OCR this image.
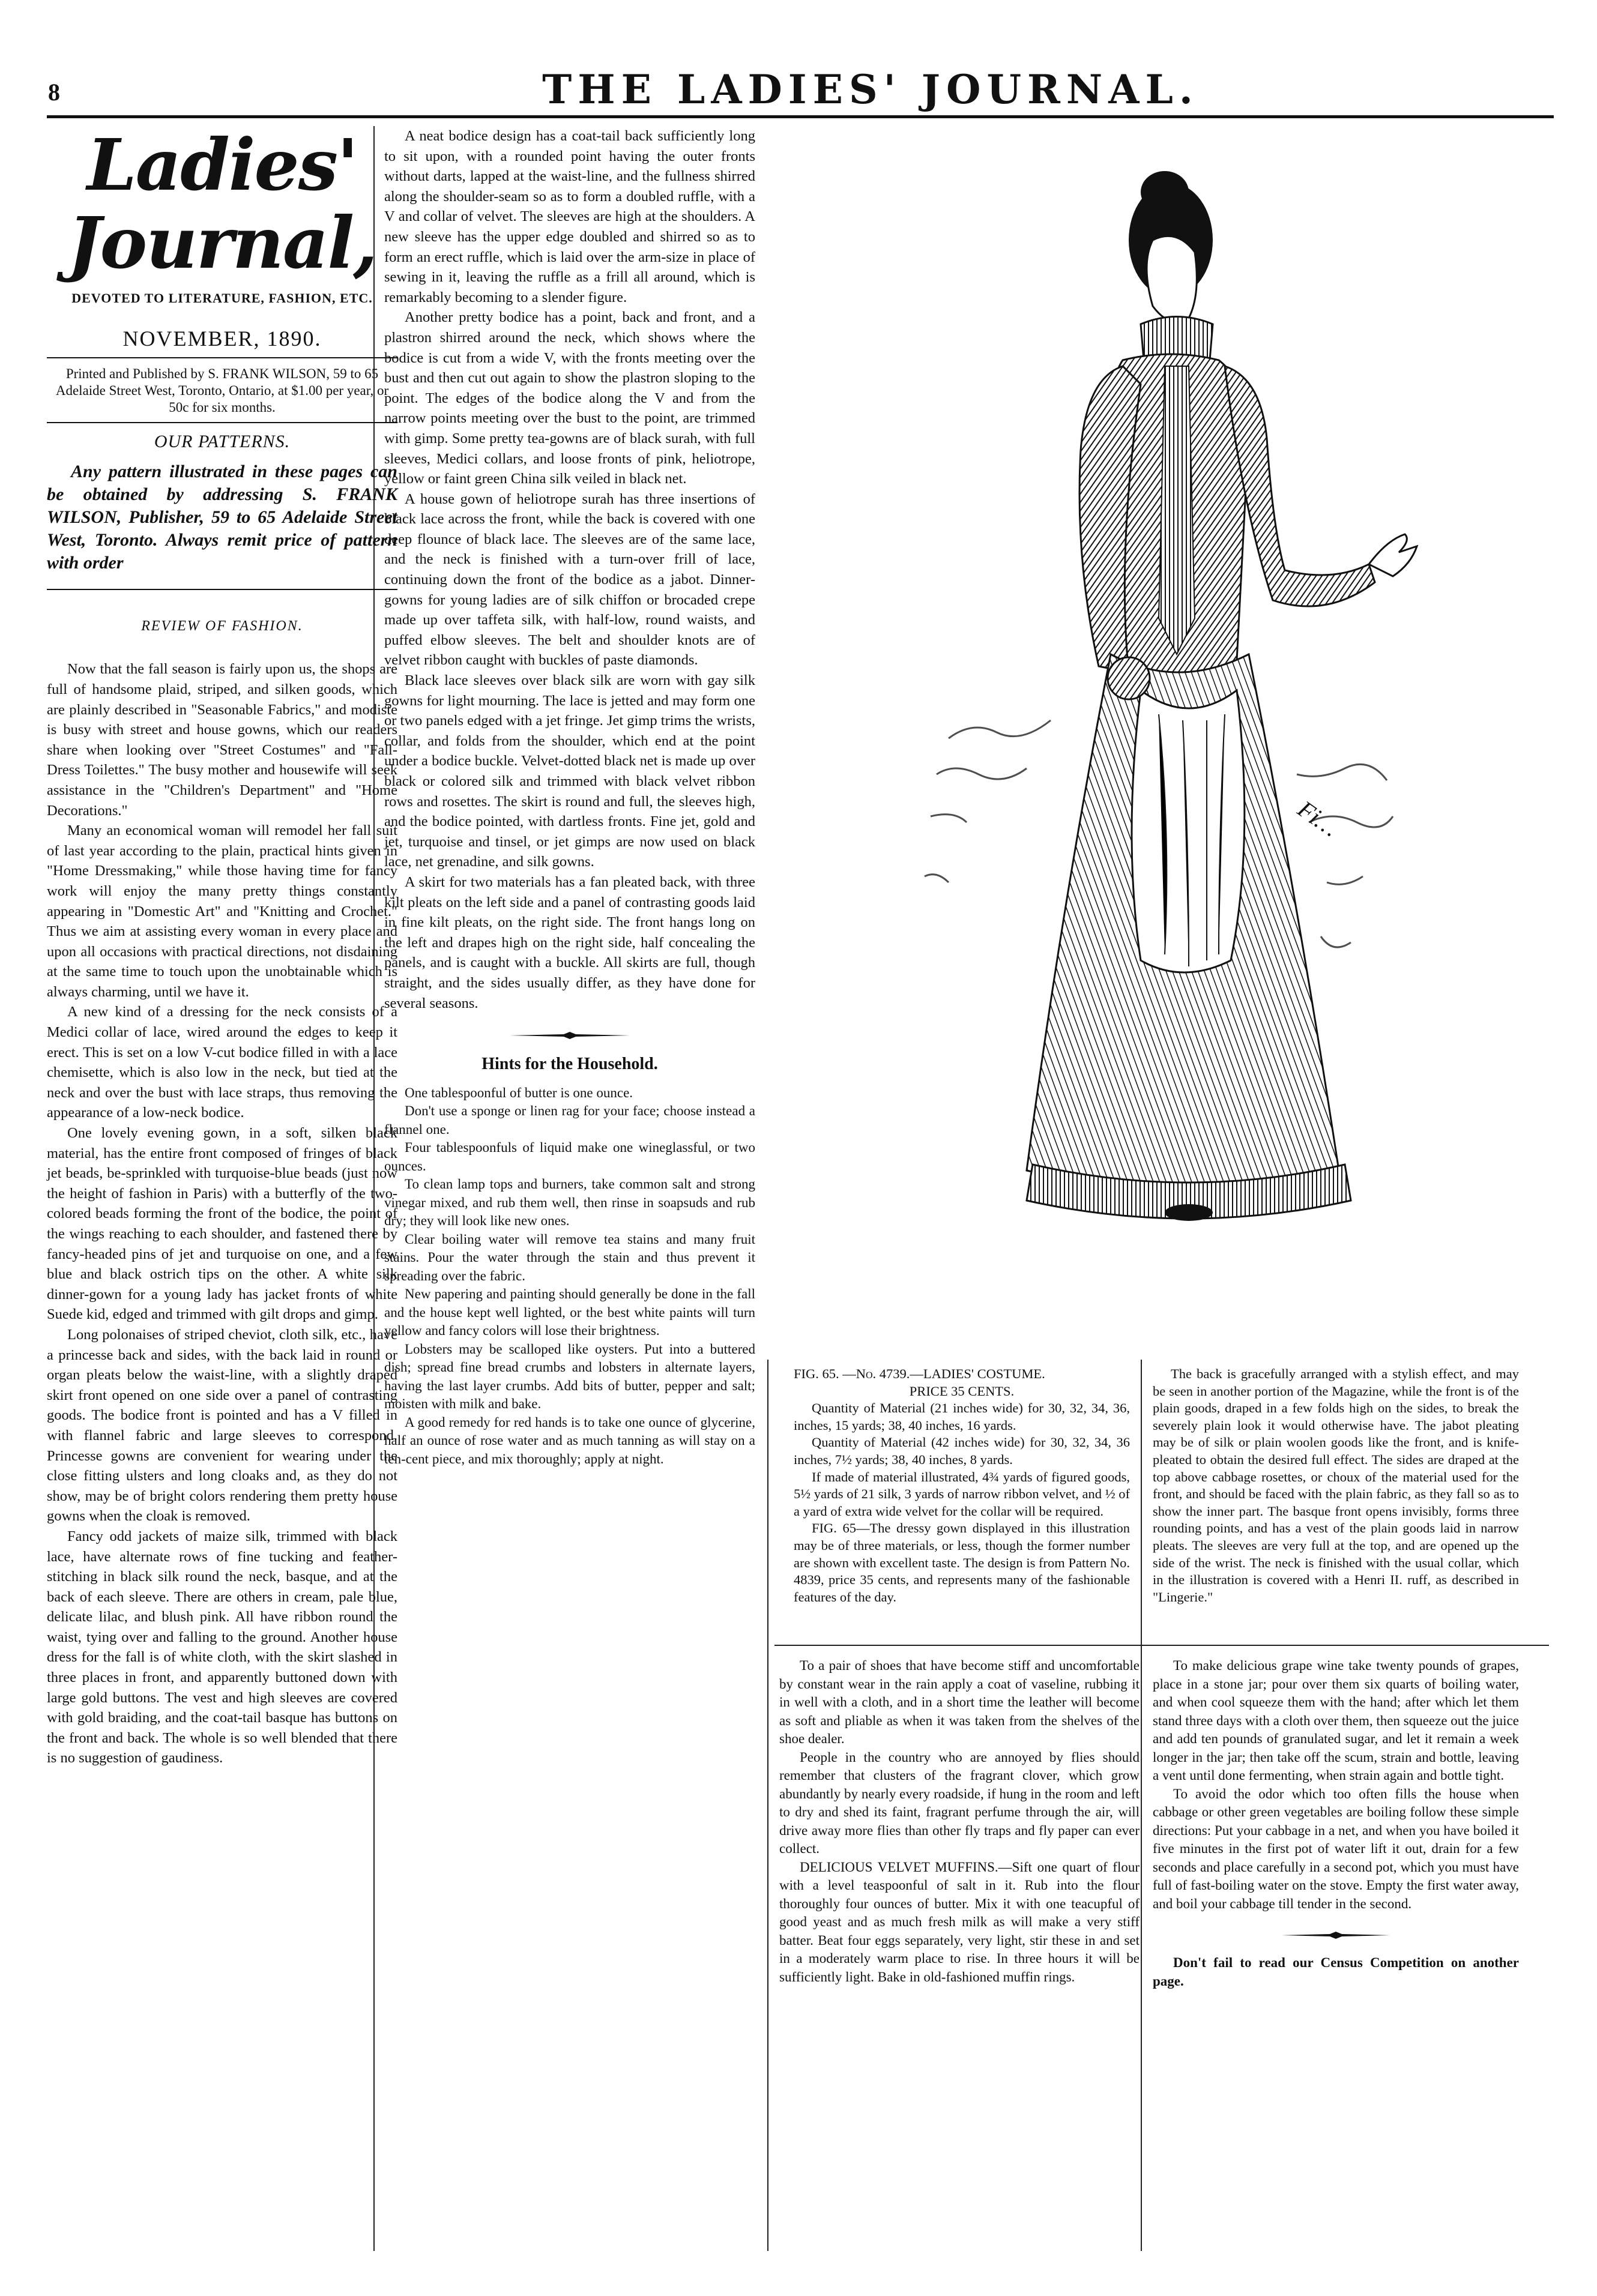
8	THE LADIES' JOURNAL.
Ladies' Journal,
DEVOTED TO LITERATURE, FASHION, ETC.
NOVEMBER, 1890.
Printed and Published by S. FRANK WILSON, 59 to 65 Adelaide Street West, Toronto, Ontario, at $1.00 per year, or 50c for six months.
OUR PATTERNS.
Any pattern illustrated in these pages can be obtained by addressing S. FRANK WILSON, Publisher, 59 to 65 Adelaide Street West, Toronto. Always remit price of pattern with order
REVIEW OF FASHION.

Now that the fall season is fairly upon us, the shops are full of handsome plaid, striped, and silken goods, which are plainly described in "Seasonable Fabrics," and modiste is busy with street and house gowns, which our readers share when looking over "Street Costumes" and "Fall-Dress Toilettes." The busy mother and housewife will seek assistance in the "Children's Department" and "Home Decorations."

Many an economical woman will remodel her fall suit of last year according to the plain, practical hints given in "Home Dressmaking," while those having time for fancy work will enjoy the many pretty things constantly appearing in "Domestic Art" and "Knitting and Crochet." Thus we aim at assisting every woman in every place and upon all occasions with practical directions, not disdaining at the same time to touch upon the unobtainable which is always charming, until we have it.

A new kind of a dressing for the neck consists of a Medici collar of lace, wired around the edges to keep it erect. This is set on a low V-cut bodice filled in with a lace chemisette, which is also low in the neck, but tied at the neck and over the bust with lace straps, thus removing the appearance of a low-neck bodice.

One lovely evening gown, in a soft, silken black material, has the entire front composed of fringes of black jet beads, be-sprinkled with turquoise-blue beads (just now the height of fashion in Paris) with a butterfly of the two-colored beads forming the front of the bodice, the point of the wings reaching to each shoulder, and fastened there by fancy-headed pins of jet and turquoise on one, and a few blue and black ostrich tips on the other. A white silk dinner-gown for a young lady has jacket fronts of white Suede kid, edged and trimmed with gilt drops and gimp.

Long polonaises of striped cheviot, cloth silk, etc., have a princesse back and sides, with the back laid in round or organ pleats below the waist-line, with a slightly draped skirt front opened on one side over a panel of contrasting goods. The bodice front is pointed and has a V filled in with flannel fabric and large sleeves to correspond. Princesse gowns are convenient for wearing under the close fitting ulsters and long cloaks and, as they do not show, may be of bright colors rendering them pretty house gowns when the cloak is removed.

Fancy odd jackets of maize silk, trimmed with black lace, have alternate rows of fine tucking and feather-stitching in black silk round the neck, basque, and at the back of each sleeve. There are others in cream, pale blue, delicate lilac, and blush pink. All have ribbon round the waist, tying over and falling to the ground. Another house dress for the fall is of white cloth, with the skirt slashed in three places in front, and apparently buttoned down with large gold buttons. The vest and high sleeves are covered with gold braiding, and the coat-tail basque has buttons on the front and back. The whole is so well blended that there is no suggestion of gaudiness.

A neat bodice design has a coat-tail back sufficiently long to sit upon, with a rounded point having the outer fronts without darts, lapped at the waist-line, and the fullness shirred along the shoulder-seam so as to form a doubled ruffle, with a V and collar of velvet. The sleeves are high at the shoulders. A new sleeve has the upper edge doubled and shirred so as to form an erect ruffle, which is laid over the arm-size in place of sewing in it, leaving the ruffle as a frill all around, which is remarkably becoming to a slender figure.

Another pretty bodice has a point, back and front, and a plastron shirred around the neck, which shows where the bodice is cut from a wide V, with the fronts meeting over the bust and then cut out again to show the plastron sloping to the point. The edges of the bodice along the V and from the narrow points meeting over the bust to the point, are trimmed with gimp. Some pretty tea-gowns are of black surah, with full sleeves, Medici collars, and loose fronts of pink, heliotrope, yellow or faint green China silk veiled in black net.

A house gown of heliotrope surah has three insertions of black lace across the front, while the back is covered with one deep flounce of black lace. The sleeves are of the same lace, and the neck is finished with a turn-over frill of lace, continuing down the front of the bodice as a jabot. Dinner-gowns for young ladies are of silk chiffon or brocaded crepe made up over taffeta silk, with half-low, round waists, and puffed elbow sleeves. The belt and shoulder knots are of velvet ribbon caught with buckles of paste diamonds.

Black lace sleeves over black silk are worn with gay silk gowns for light mourning. The lace is jetted and may form one or two panels edged with a jet fringe. Jet gimp trims the wrists, collar, and folds from the shoulder, which end at the point under a bodice buckle. Velvet-dotted black net is made up over black or colored silk and trimmed with black velvet ribbon rows and rosettes. The skirt is round and full, the sleeves high, and the bodice pointed, with dartless fronts. Fine jet, gold and jet, turquoise and tinsel, or jet gimps are now used on black lace, net grenadine, and silk gowns.

A skirt for two materials has a fan pleated back, with three kilt pleats on the left side and a panel of contrasting goods laid in fine kilt pleats, on the right side. The front hangs long on the left and drapes high on the right side, half concealing the panels, and is caught with a buckle. All skirts are full, though straight, and the sides usually differ, as they have done for several seasons.

Hints for the Household.

One tablespoonful of butter is one ounce.

Don't use a sponge or linen rag for your face; choose instead a flannel one.

Four tablespoonfuls of liquid make one wineglassful, or two ounces.

To clean lamp tops and burners, take common salt and strong vinegar mixed, and rub them well, then rinse in soapsuds and rub dry; they will look like new ones.

Clear boiling water will remove tea stains and many fruit stains. Pour the water through the stain and thus prevent it spreading over the fabric.

New papering and painting should generally be done in the fall and the house kept well lighted, or the best white paints will turn yellow and fancy colors will lose their brightness.

Lobsters may be scalloped like oysters. Put into a buttered dish; spread fine bread crumbs and lobsters in alternate layers, having the last layer crumbs. Add bits of butter, pepper and salt; moisten with milk and bake.

A good remedy for red hands is to take one ounce of glycerine, half an ounce of rose water and as much tanning as will stay on a ten-cent piece, and mix thoroughly; apply at night.

Fi…

FIG. 65. —No. 4739.—LADIES' COSTUME.

PRICE 35 CENTS.

Quantity of Material (21 inches wide) for 30, 32, 34, 36, inches, 15 yards; 38, 40 inches, 16 yards.

Quantity of Material (42 inches wide) for 30, 32, 34, 36 inches, 7½ yards; 38, 40 inches, 8 yards.

If made of material illustrated, 4¾ yards of figured goods, 5½ yards of 21 silk, 3 yards of narrow ribbon velvet, and ½ of a yard of extra wide velvet for the collar will be required.

FIG. 65—The dressy gown displayed in this illustration may be of three materials, or less, though the former number are shown with excellent taste. The design is from Pattern No. 4839, price 35 cents, and represents many of the fashionable features of the day.

The back is gracefully arranged with a stylish effect, and may be seen in another portion of the Magazine, while the front is of the plain goods, draped in a few folds high on the sides, to break the severely plain look it would otherwise have. The jabot pleating may be of silk or plain woolen goods like the front, and is knife-pleated to obtain the desired full effect. The sides are draped at the top above cabbage rosettes, or choux of the material used for the front, and should be faced with the plain fabric, as they fall so as to show the inner part. The basque front opens invisibly, forms three rounding points, and has a vest of the plain goods laid in narrow pleats. The sleeves are very full at the top, and are opened up the side of the wrist. The neck is finished with the usual collar, which in the illustration is covered with a Henri II. ruff, as described in "Lingerie."

To a pair of shoes that have become stiff and uncomfortable by constant wear in the rain apply a coat of vaseline, rubbing it in well with a cloth, and in a short time the leather will become as soft and pliable as when it was taken from the shelves of the shoe dealer.

People in the country who are annoyed by flies should remember that clusters of the fragrant clover, which grow abundantly by nearly every roadside, if hung in the room and left to dry and shed its faint, fragrant perfume through the air, will drive away more flies than other fly traps and fly paper can ever collect.

DELICIOUS VELVET MUFFINS.—Sift one quart of flour with a level teaspoonful of salt in it. Rub into the flour thoroughly four ounces of butter. Mix it with one teacupful of good yeast and as much fresh milk as will make a very stiff batter. Beat four eggs separately, very light, stir these in and set in a moderately warm place to rise. In three hours it will be sufficiently light. Bake in old-fashioned muffin rings.

To make delicious grape wine take twenty pounds of grapes, place in a stone jar; pour over them six quarts of boiling water, and when cool squeeze them with the hand; after which let them stand three days with a cloth over them, then squeeze out the juice and add ten pounds of granulated sugar, and let it remain a week longer in the jar; then take off the scum, strain and bottle, leaving a vent until done fermenting, when strain again and bottle tight.

To avoid the odor which too often fills the house when cabbage or other green vegetables are boiling follow these simple directions: Put your cabbage in a net, and when you have boiled it five minutes in the first pot of water lift it out, drain for a few seconds and place carefully in a second pot, which you must have full of fast-boiling water on the stove. Empty the first water away, and boil your cabbage till tender in the second.

Don't fail to read our Census Competition on another page.
